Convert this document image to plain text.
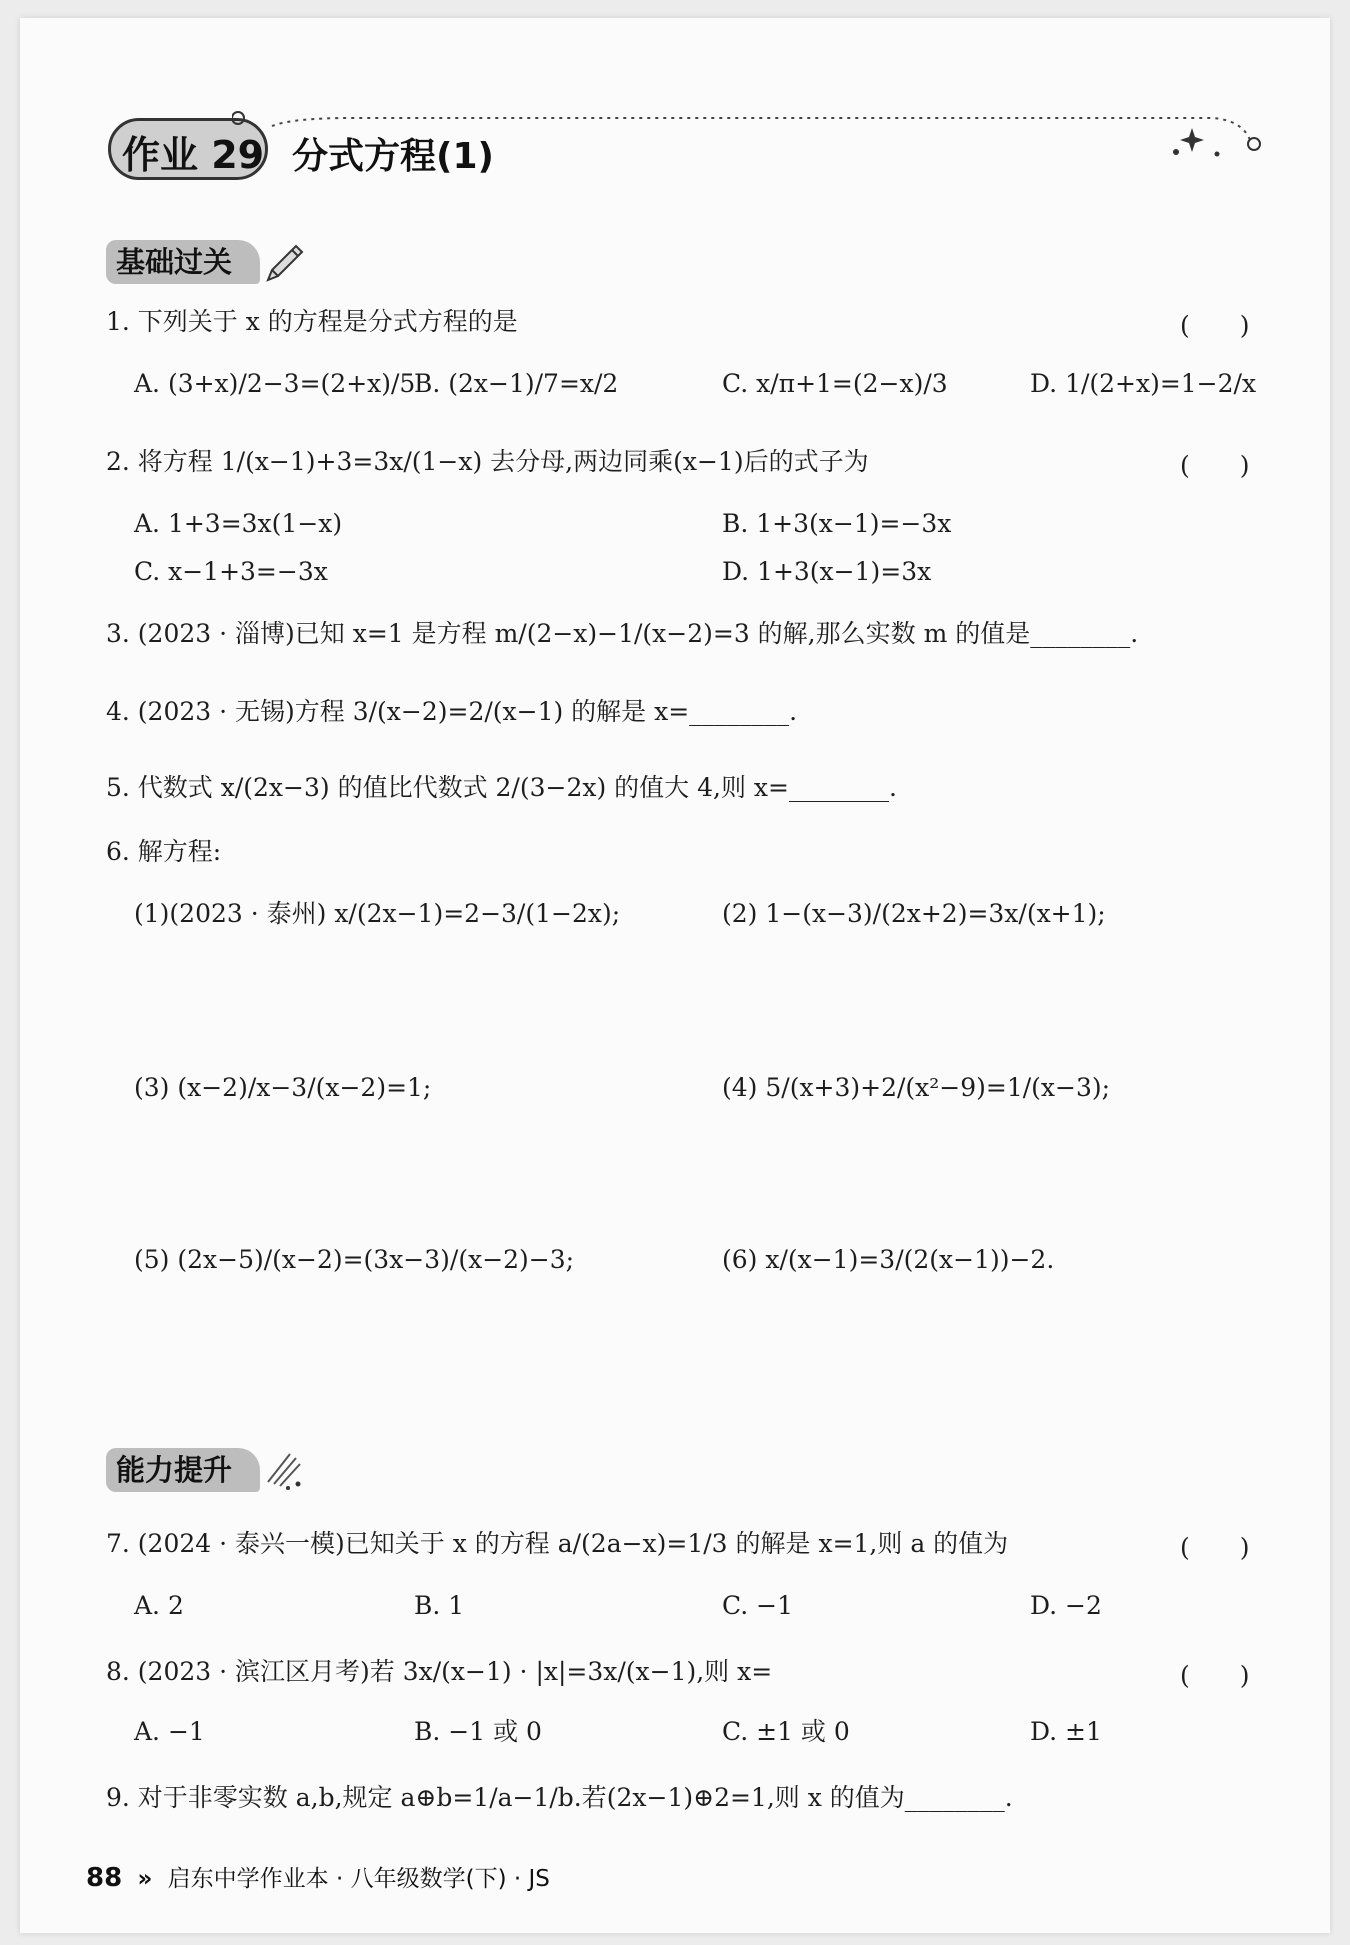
作业 29 分式方程(1)
基础过关
1. 下列关于 x 的方程是分式方程的是	(　　)
A. (3+x)/2−3=(2+x)/5
B. (2x−1)/7=x/2	C. x/π+1=(2−x)/3	D. 1/(2+x)=1−2/x
2. 将方程 1/(x−1)+3=3x/(1−x) 去分母,两边同乘(x−1)后的式子为	(　　)
A. 1+3=3x(1−x)	B. 1+3(x−1)=−3x
C. x−1+3=−3x	D. 1+3(x−1)=3x
3. (2023 · 淄博)已知 x=1 是方程 m/(2−x)−1/(x−2)=3 的解,那么实数 m 的值是________.
4. (2023 · 无锡)方程 3/(x−2)=2/(x−1) 的解是 x=________.
5. 代数式 x/(2x−3) 的值比代数式 2/(3−2x) 的值大 4,则 x=________.
6. 解方程:
(1)(2023 · 泰州) x/(2x−1)=2−3/(1−2x);	(2) 1−(x−3)/(2x+2)=3x/(x+1);
(3) (x−2)/x−3/(x−2)=1;	(4) 5/(x+3)+2/(x²−9)=1/(x−3);
(5) (2x−5)/(x−2)=(3x−3)/(x−2)−3;	(6) x/(x−1)=3/(2(x−1))−2.
能力提升
7. (2024 · 泰兴一模)已知关于 x 的方程 a/(2a−x)=1/3 的解是 x=1,则 a 的值为	(　　)
A. 2	B. 1	C. −1	D. −2
8. (2023 · 滨江区月考)若 3x/(x−1) · |x|=3x/(x−1),则 x=	(　　)
A. −1	B. −1 或 0	C. ±1 或 0	D. ±1
9. 对于非零实数 a,b,规定 a⊕b=1/a−1/b.若(2x−1)⊕2=1,则 x 的值为________.
88 » 启东中学作业本 · 八年级数学(下) · JS
